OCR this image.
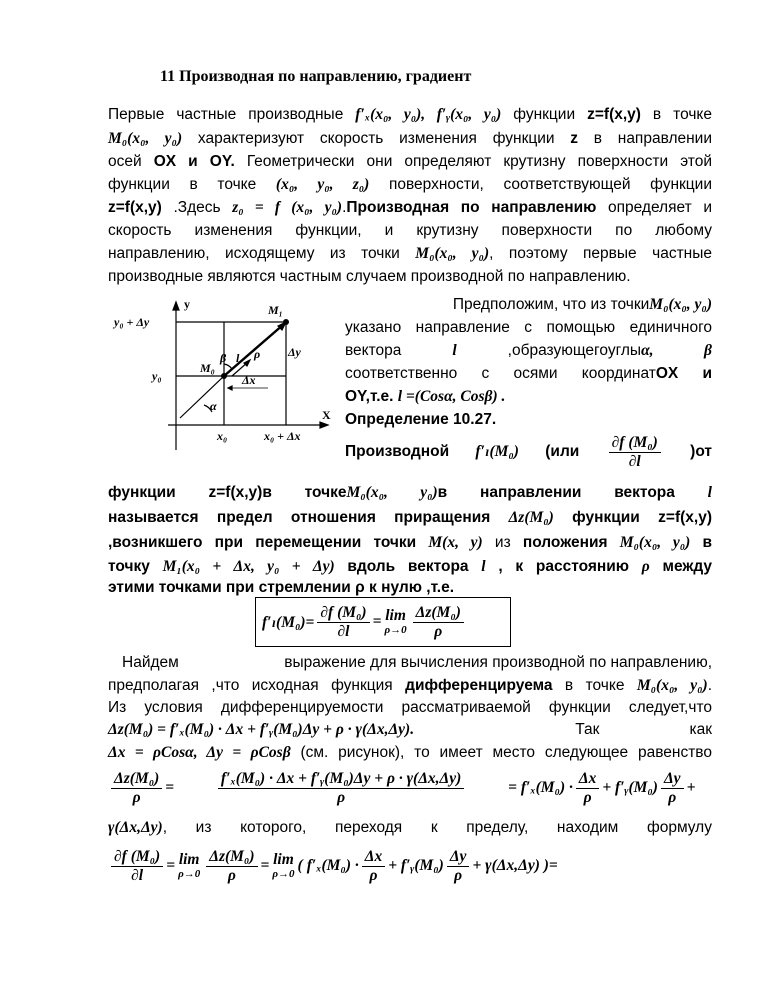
11 Производная по направлению, градиент
Первые частные производные f′ₓ(x₀, y₀), f′ᵧ(x₀, y₀) функции z=f(x,y) в точке
M₀(x₀, y₀) характеризуют скорость изменения функции z в направлении
осей OX и OY. Геометрически они определяют крутизну поверхности этой
функции в точке (x₀, y₀, z₀) поверхности, соответствующей функции
z=f(x,y) .Здесь z₀ = f (x₀, y₀).Производная по направлению определяет и
скорость изменения функции, и крутизну поверхности по любому
направлению, исходящему из точки M₀(x₀, y₀), поэтому первые частные
производные являются частным случаем производной по направлению.
y
X
y₀ + Δy
y₀
x₀	x₀ + Δx
M₁
M₀
l
β
α
Δy
Δx
ρ
Предположим, что из точкиM₀(x₀, y₀)
указано направление с помощью единичного
вектора l ,образующегоуглыα, β
соответственно с осями координатOX и
OY,т.е. l =(Cosα, Cosβ) .
Определение 10.27.
Производной f′ₗ(M₀) $(или \frac{\text{∂f (M₀)}}{\partial l} )от$
функции z=f(x,y)в точкеM₀(x₀, y₀)в направлении вектора l
называется предел отношения приращения Δz(M₀) функции z=f(x,y)
,возникшего при перемещении точки M(x, y) из положения M₀(x₀, y₀) в
точку M₁(x₀ + Δx, y₀ + Δy) вдоль вектора l , к расстоянию ρ между
этими точками при стремлении ρ к нулю ,т.е.
$f'_l(M_0)= \frac{\text{∂f (M₀)}}{\partial l} = \lim$
$\rho\to 0 \frac{\text{Δz(M₀)}}{\rho}$
Найдем	выражение для вычисления производной по направлению,
предполагая ,что исходная функция дифференцируема в точке M₀(x₀, y₀).
Из условия дифференцируемости рассматриваемой функции следует,что
Δz(M₀) = f′ₓ(M₀) · Δx + f′ᵧ(M₀)Δy + ρ · γ(Δx,Δy) .	Так	как
Δx = ρCosα, Δy = ρCosβ (см. рисунок), то имеет место следующее равенство
$\frac{\text{Δz(M₀)}}{\rho} = \frac{\text{f′ₓ(M₀) · Δx + f′ᵧ(M₀)Δy + ρ · γ(Δx,Δy)}}{\rho} = f'_x(M_0) \cdot \frac{\Delta x}{\rho}$ + f′ᵧ(M₀) $\frac{\Delta y}{\rho}$ +
γ(Δx,Δy), из которого, переходя к пределу, находим формулу
$\frac{\text{∂f (M₀)}}{\partial l} = \lim$
$\rho\to 0 \frac{\text{Δz(M₀)}}{\rho} = \lim$
ρ→0 ( $f'_x(M_0) \cdot \frac{\Delta x}{\rho}$ + f′ᵧ(M₀) $\frac{\Delta y}{\rho} + \gamma(\Delta x,\Delta y)$ )=
